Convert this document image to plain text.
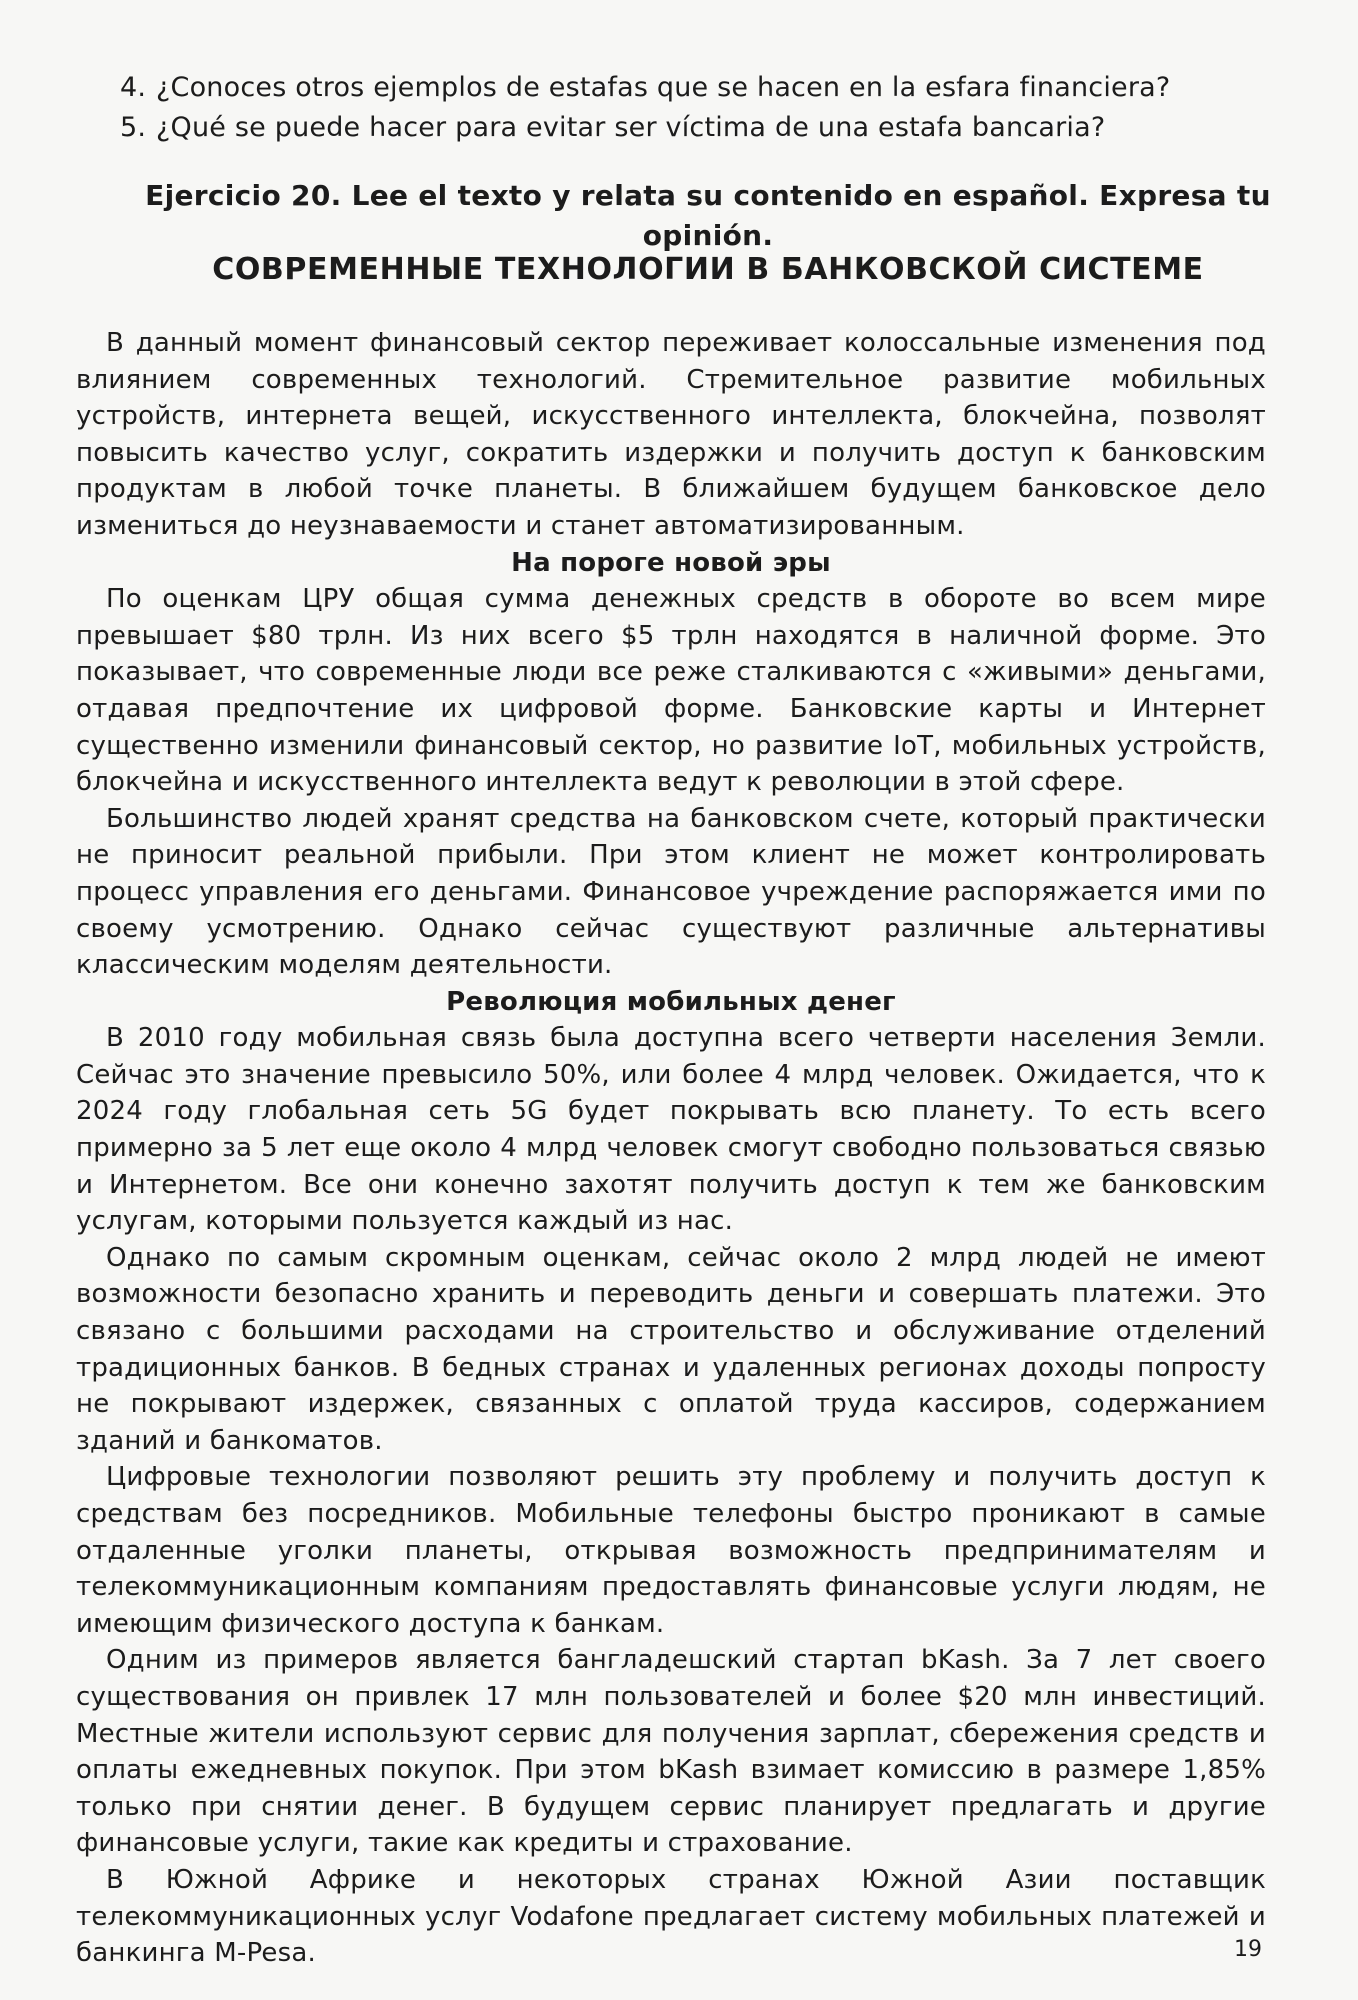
4. ¿Conoces otros ejemplos de estafas que se hacen en la esfara financiera?
5. ¿Qué se puede hacer para evitar ser víctima de una estafa bancaria?

Ejercicio 20. Lee el texto y relata su contenido en español. Expresa tu opinión.

СОВРЕМЕННЫЕ ТЕХНОЛОГИИ В БАНКОВСКОЙ СИСТЕМЕ

В данный момент финансовый сектор переживает колоссальные изменения под влиянием современных технологий. Стремительное развитие мобильных устройств, интернета вещей, искусственного интеллекта, блокчейна, позволят повысить качество услуг, сократить издержки и получить доступ к банковским продуктам в любой точке планеты. В ближайшем будущем банковское дело измениться до неузнаваемости и станет автоматизированным.

На пороге новой эры

По оценкам ЦРУ общая сумма денежных средств в обороте во всем мире превышает $80 трлн. Из них всего $5 трлн находятся в наличной форме. Это показывает, что современные люди все реже сталкиваются с «живыми» деньгами, отдавая предпочтение их цифровой форме. Банковские карты и Интернет существенно изменили финансовый сектор, но развитие IoT, мобильных устройств, блокчейна и искусственного интеллекта ведут к революции в этой сфере.

Большинство людей хранят средства на банковском счете, который практически не приносит реальной прибыли. При этом клиент не может контролировать процесс управления его деньгами. Финансовое учреждение распоряжается ими по своему усмотрению. Однако сейчас существуют различные альтернативы классическим моделям деятельности.

Революция мобильных денег

В 2010 году мобильная связь была доступна всего четверти населения Земли. Сейчас это значение превысило 50%, или более 4 млрд человек. Ожидается, что к 2024 году глобальная сеть 5G будет покрывать всю планету. То есть всего примерно за 5 лет еще около 4 млрд человек смогут свободно пользоваться связью и Интернетом. Все они конечно захотят получить доступ к тем же банковским услугам, которыми пользуется каждый из нас.

Однако по самым скромным оценкам, сейчас около 2 млрд людей не имеют возможности безопасно хранить и переводить деньги и совершать платежи. Это связано с большими расходами на строительство и обслуживание отделений традиционных банков. В бедных странах и удаленных регионах доходы попросту не покрывают издержек, связанных с оплатой труда кассиров, содержанием зданий и банкоматов.

Цифровые технологии позволяют решить эту проблему и получить доступ к средствам без посредников. Мобильные телефоны быстро проникают в самые отдаленные уголки планеты, открывая возможность предпринимателям и телекоммуникационным компаниям предоставлять финансовые услуги людям, не имеющим физического доступа к банкам.

Одним из примеров является бангладешский стартап bKash. За 7 лет своего существования он привлек 17 млн пользователей и более $20 млн инвестиций. Местные жители используют сервис для получения зарплат, сбережения средств и оплаты ежедневных покупок. При этом bKash взимает комиссию в размере 1,85% только при снятии денег. В будущем сервис планирует предлагать и другие финансовые услуги, такие как кредиты и страхование.

В Южной Африке и некоторых странах Южной Азии поставщик телекоммуникационных услуг Vodafone предлагает систему мобильных платежей и банкинга M-Pesa.	19
